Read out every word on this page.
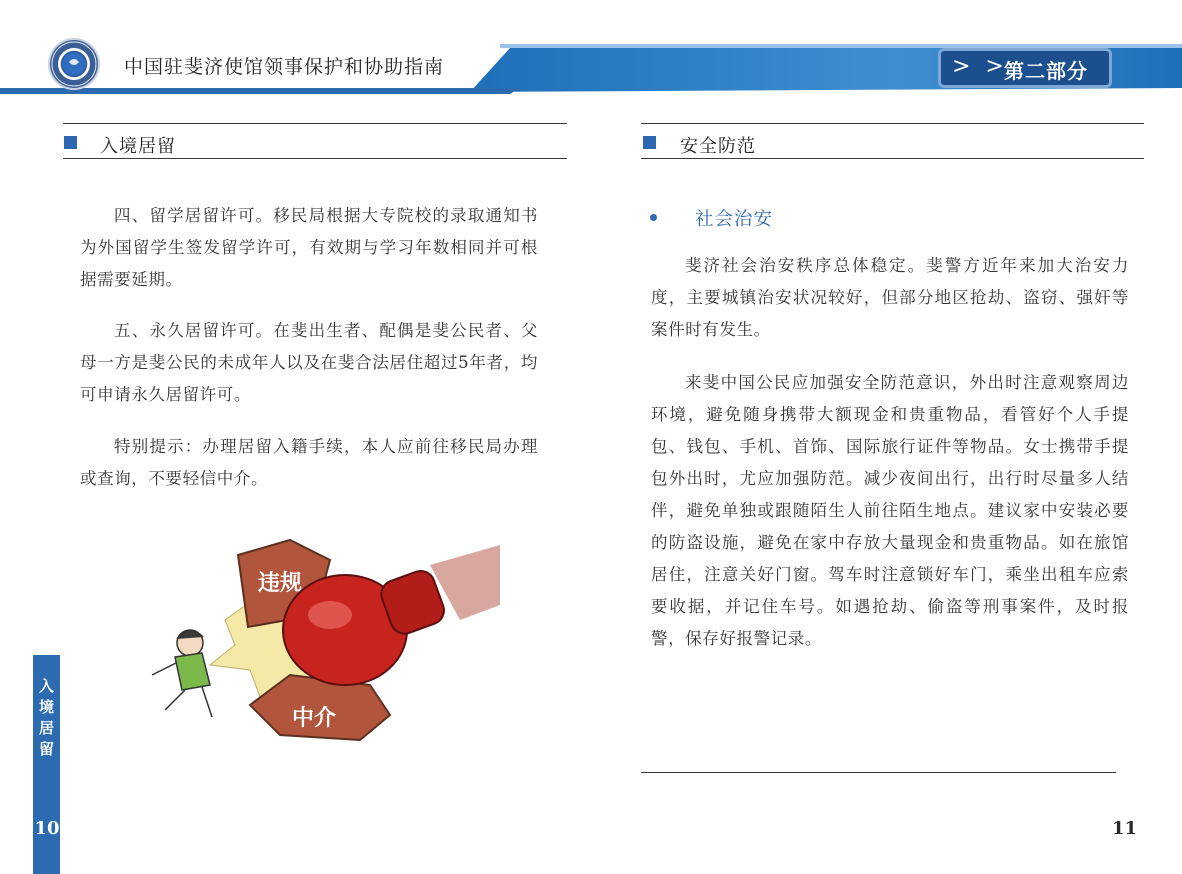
中国驻斐济使馆领事保护和协助指南	> >
第二部分
入境居留
四、留学居留许可。移民局根据大专院校的录取通知书为外国留学生签发留学许可，有效期与学习年数相同并可根据需要延期。
五、永久居留许可。在斐出生者、配偶是斐公民者、父母一方是斐公民的未成年人以及在斐合法居住超过5年者，均可申请永久居留许可。
特别提示：办理居留入籍手续，本人应前往移民局办理或查询，不要轻信中介。
违规
中介
入境居留
10
安全防范
社会治安
斐济社会治安秩序总体稳定。斐警方近年来加大治安力度，主要城镇治安状况较好，但部分地区抢劫、盗窃、强奸等案件时有发生。
来斐中国公民应加强安全防范意识，外出时注意观察周边环境，避免随身携带大额现金和贵重物品，看管好个人手提包、钱包、手机、首饰、国际旅行证件等物品。女士携带手提包外出时，尤应加强防范。减少夜间出行，出行时尽量多人结伴，避免单独或跟随陌生人前往陌生地点。建议家中安装必要的防盗设施，避免在家中存放大量现金和贵重物品。如在旅馆居住，注意关好门窗。驾车时注意锁好车门，乘坐出租车应索要收据，并记住车号。如遇抢劫、偷盗等刑事案件，及时报警，保存好报警记录。
11
